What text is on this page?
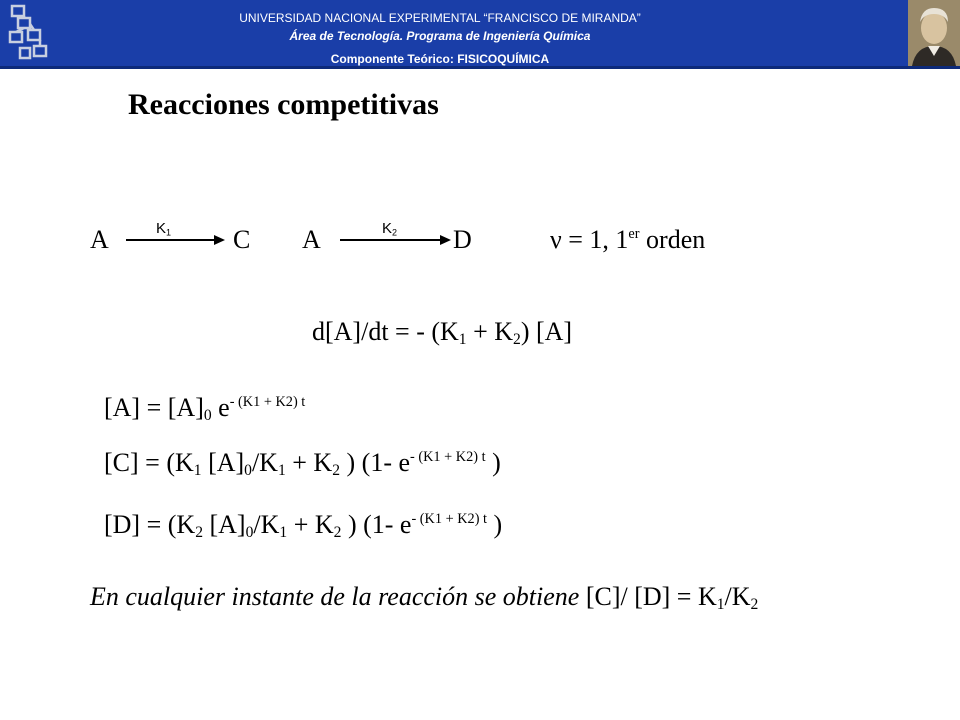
UNIVERSIDAD NACIONAL EXPERIMENTAL “FRANCISCO DE MIRANDA”
Área de Tecnología. Programa de Ingeniería Química
Componente Teórico: FISICOQUÍMICA
Reacciones competitivas
A	$K_1$ C A	$K_2$ D	ν = 1, 1er orden
d[A]/dt = - $(K_1 + K_2)$ [A]
$[A] = [A]_0$ $e^{- (K1 + K2) t}$
$[C] = (K_1$ $[A]_0/K_1 + K_2$ ) (1- $e^{- (K1 + K2) t}$ )
$[D] = (K_2$ $[A]_0/K_1 + K_2$ ) (1- $e^{- (K1 + K2) t}$ )
En cualquier instante de la reacción se obtiene [C]/ $[D] = K_1/K_2$
